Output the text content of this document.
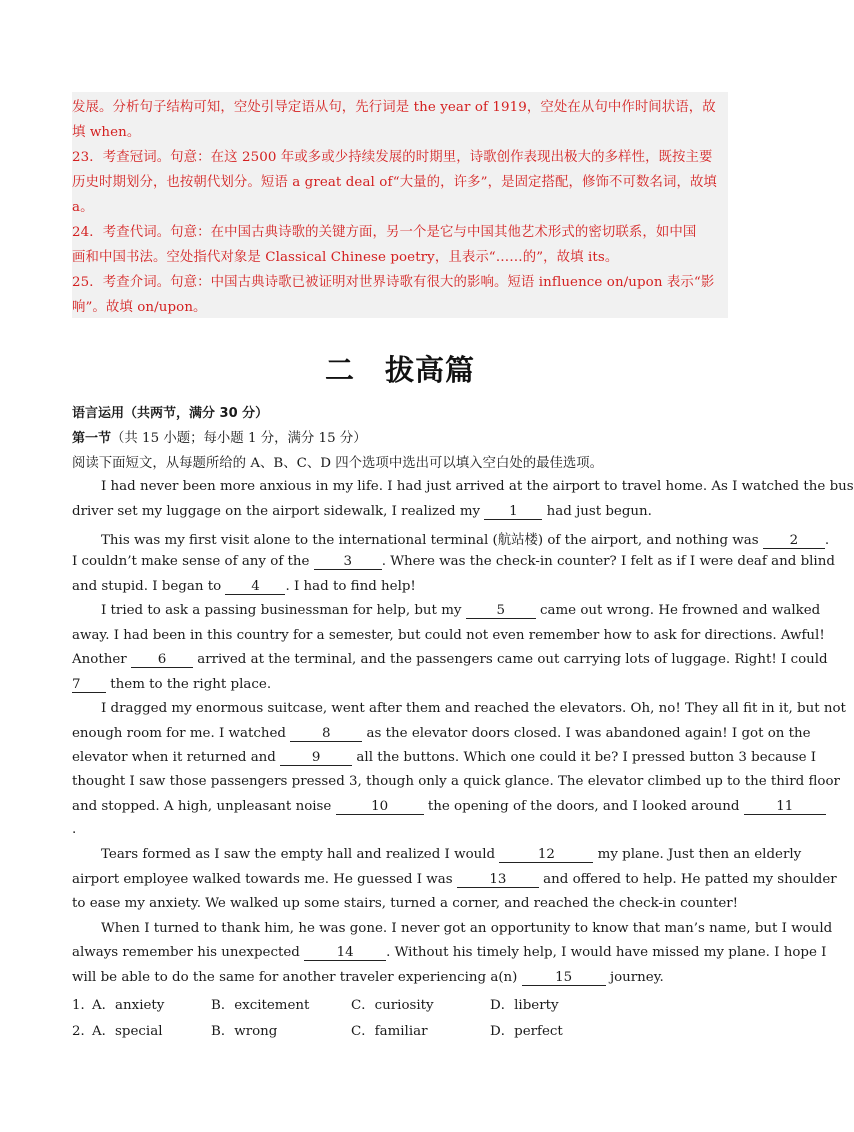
发展。分析句子结构可知，空处引导定语从句，先行词是 the year of 1919，空处在从句中作时间状语，故
填 when。
23．考查冠词。句意：在这 2500 年或多或少持续发展的时期里，诗歌创作表现出极大的多样性，既按主要
历史时期划分，也按朝代划分。短语 a great deal of“大量的，许多”，是固定搭配，修饰不可数名词，故填
a。
24．考查代词。句意：在中国古典诗歌的关键方面，另一个是它与中国其他艺术形式的密切联系，如中国
画和中国书法。空处指代对象是 Classical Chinese poetry，且表示“……的”，故填 its。
25．考查介词。句意：中国古典诗歌已被证明对世界诗歌有很大的影响。短语 influence on/upon 表示“影
响”。故填 on/upon。
二 拔高篇
语言运用（共两节，满分 30 分）
第一节（共 15 小题；每小题 1 分，满分 15 分）
阅读下面短文，从每题所给的 A、B、C、D 四个选项中选出可以填入空白处的最佳选项。
I had never been more anxious in my life. I had just arrived at the airport to travel home. As I watched the bus
driver set my luggage on the airport sidewalk, I realized my 1 had just begun.
This was my first visit alone to the international terminal (航站楼) of the airport, and nothing was 2 .
I couldn’t make sense of any of the	3 . Where was the check-in counter? I felt as if I were deaf and blind
and stupid. I began to 4 . I had to find help!
I tried to ask a passing businessman for help, but my	5	came out wrong. He frowned and walked
away. I had been in this country for a semester, but could not even remember how to ask for directions. Awful!
Another 6 arrived at the terminal, and the passengers came out carrying lots of luggage. Right! I could
7 them to the right place.
I dragged my enormous suitcase, went after them and reached the elevators. Oh, no! They all fit in it, but not
enough room for me. I watched	8	as the elevator doors closed. I was abandoned again! I got on the
elevator when it returned and	9	all the buttons. Which one could it be? I pressed button 3 because I
thought I saw those passengers pressed 3, though only a quick glance. The elevator climbed up to the third floor
and stopped. A high, unpleasant noise	10	the opening of the doors, and I looked around	11
.
Tears formed as I saw the empty hall and realized I would	12	my plane. Just then an elderly
airport employee walked towards me. He guessed I was	13	and offered to help. He patted my shoulder
to ease my anxiety. We walked up some stairs, turned a corner, and reached the check-in counter!
When I turned to thank him, he was gone. I never got an opportunity to know that man’s name, but I would
always remember his unexpected	14 . Without his timely help, I would have missed my plane. I hope I
will be able to do the same for another traveler experiencing a(n)	15	journey.
1．
A．anxiety	B．excitement	C．curiosity	D．liberty
2．
A．special	B．wrong	C．familiar	D．perfect
